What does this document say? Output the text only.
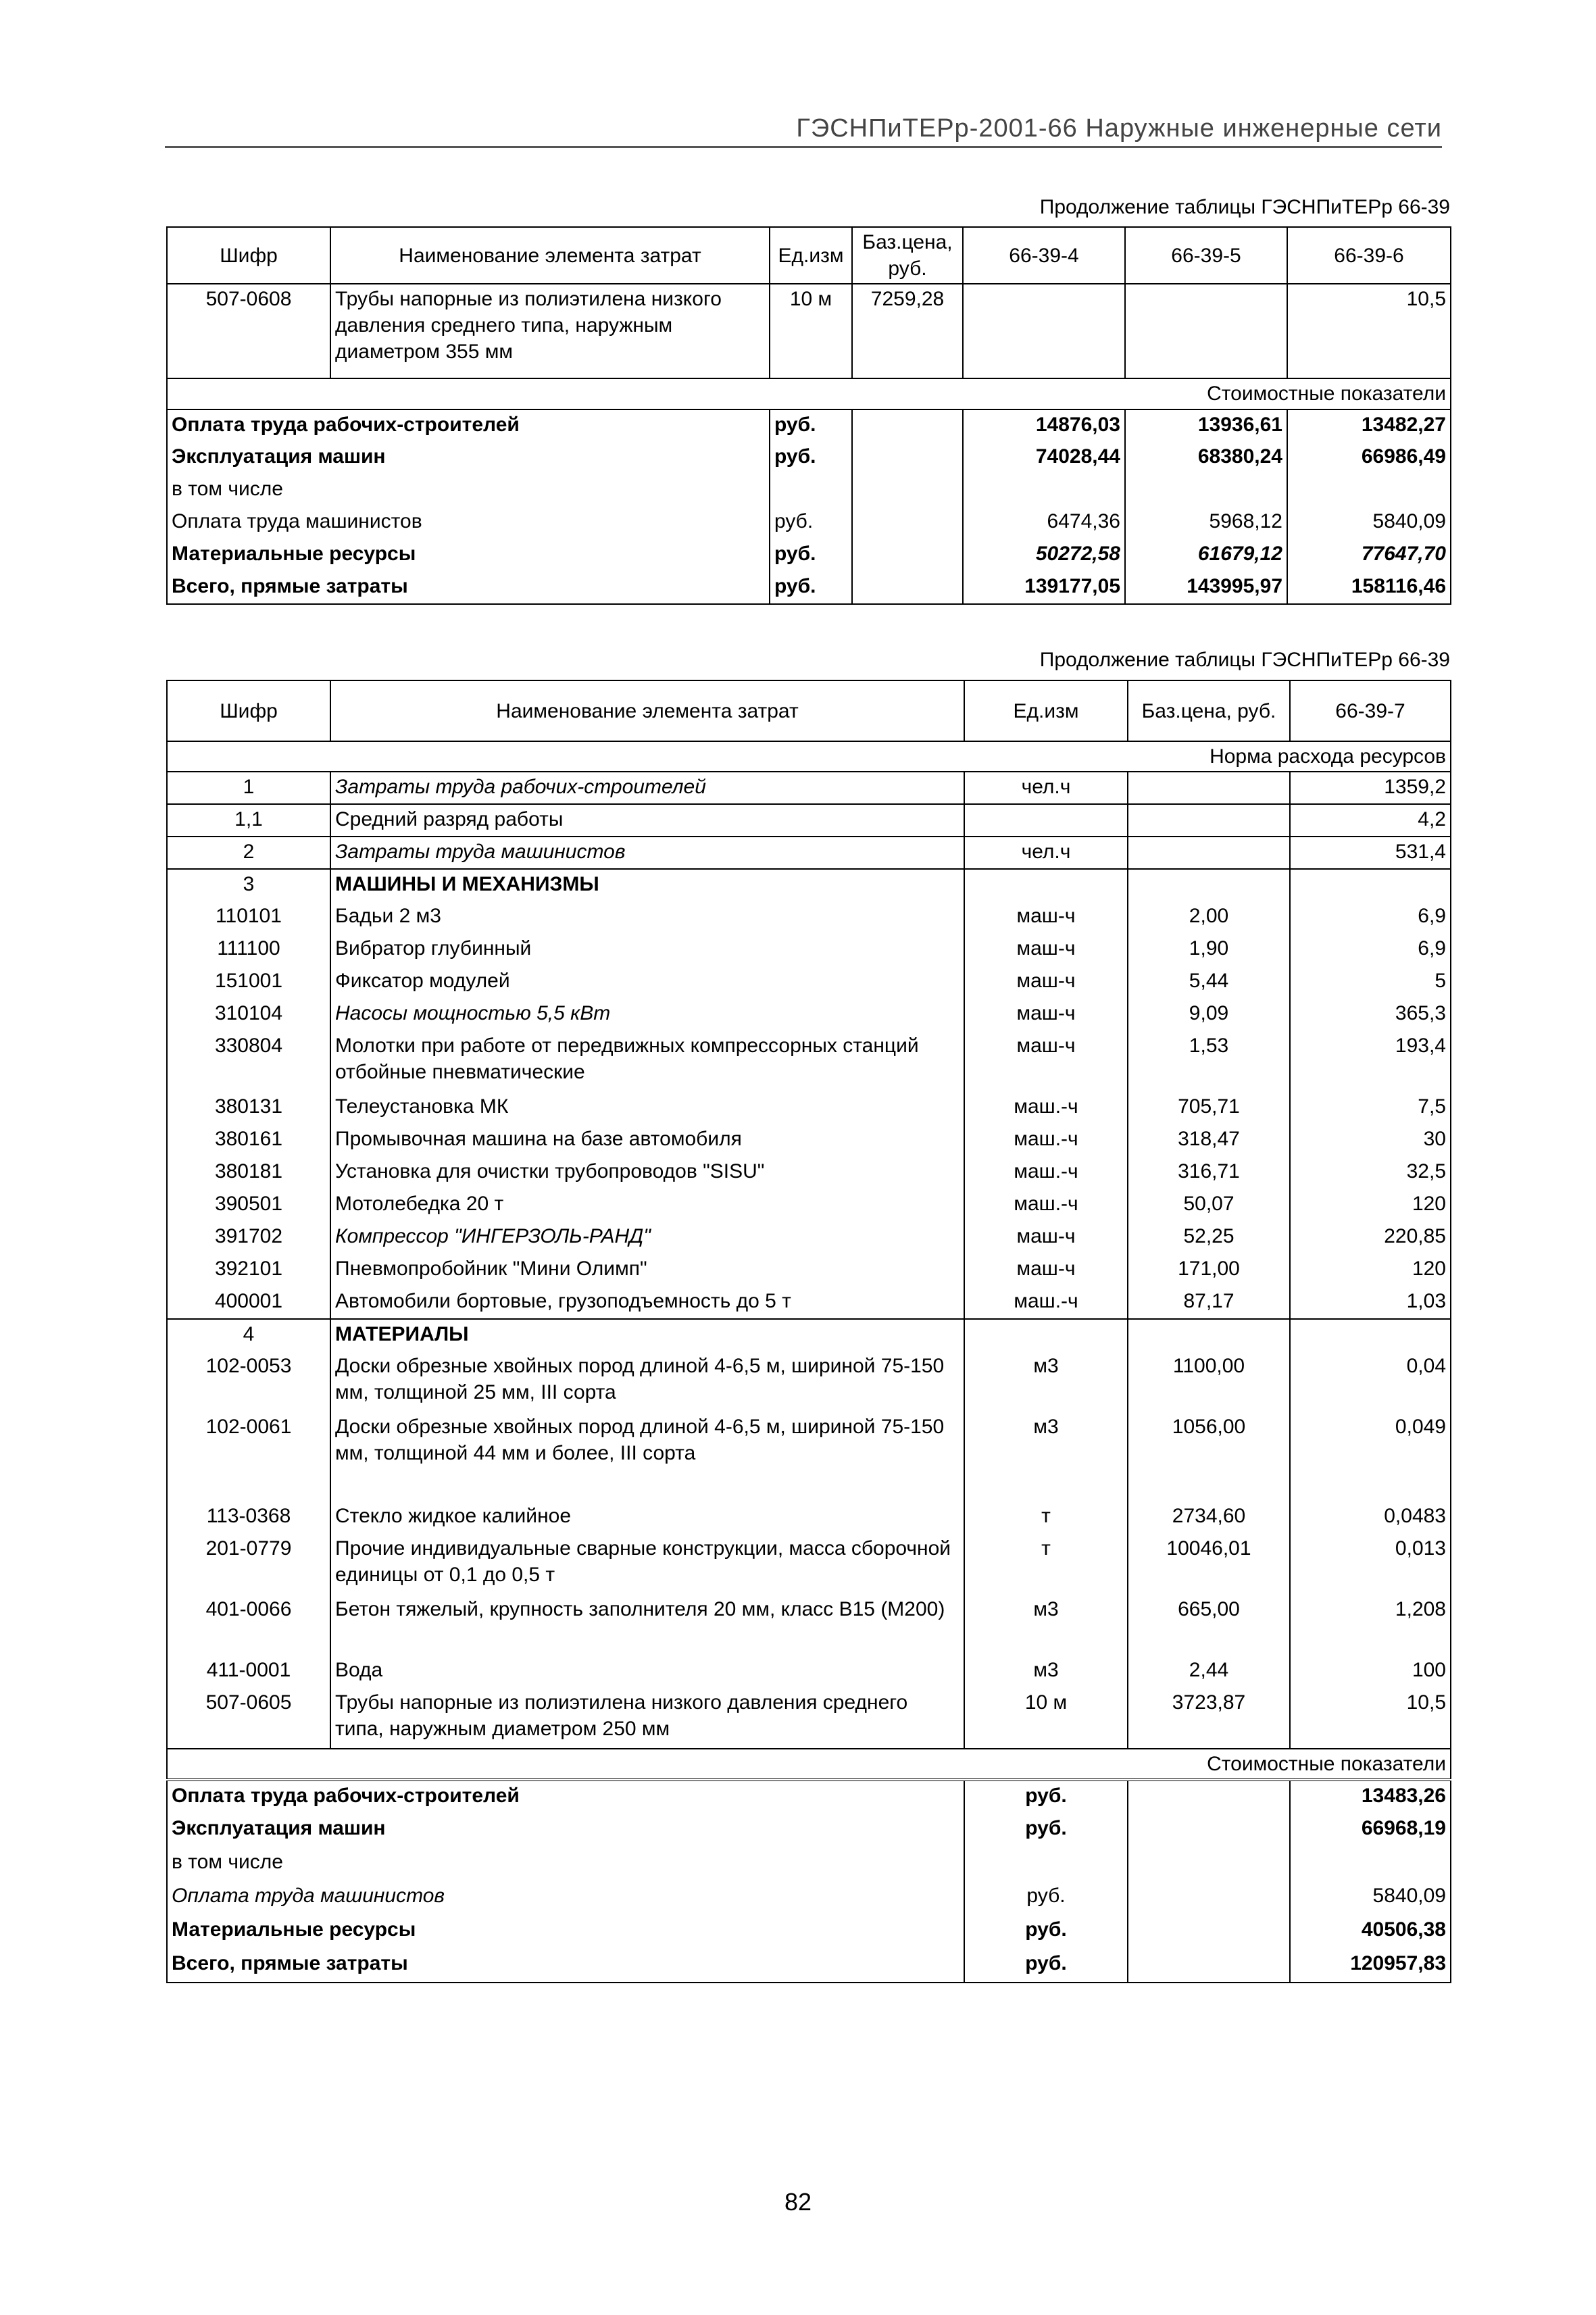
ГЭСНПиТЕРр-2001-66 Наружные инженерные сети
Продолжение таблицы ГЭСНПиТЕРр 66-39
Шифр	Наименование элемента затрат	Ед.изм	Баз.цена, руб.	66-39-4	66-39-5	66-39-6
507-0608	Трубы напорные из полиэтилена низкого давления среднего типа, наружным диаметром 355 мм	10 м	7259,28			10,5
Стоимостные показатели						
Оплата труда рабочих-строителей		руб.		14876,03	13936,61	13482,27
Эксплуатация машин		руб.		74028,44	68380,24	66986,49
в том числе						
Оплата труда машинистов		руб.		6474,36	5968,12	5840,09
Материальные ресурсы		руб.		50272,58	61679,12	77647,70
Всего, прямые затраты		руб.		139177,05	143995,97	158116,46
Продолжение таблицы ГЭСНПиТЕРр 66-39
Шифр	Наименование элемента затрат	Ед.изм	Баз.цена, руб.	66-39-7
Норма расхода ресурсов				
1	Затраты труда рабочих-строителей	чел.ч		1359,2
1,1	Средний разряд работы			4,2
2	Затраты труда машинистов	чел.ч		531,4
3	МАШИНЫ И МЕХАНИЗМЫ			
110101	Бадьи 2 м3	маш-ч	2,00	6,9
111100	Вибратор глубинный	маш-ч	1,90	6,9
151001	Фиксатор модулей	маш-ч	5,44	5
310104	Насосы мощностью 5,5 кВт	маш-ч	9,09	365,3
330804	Молотки при работе от передвижных компрессорных станций отбойные пневматические	маш-ч	1,53	193,4
380131	Телеустановка МК	маш.-ч	705,71	7,5
380161	Промывочная машина на базе автомобиля	маш.-ч	318,47	30
380181	Установка для очистки трубопроводов "SISU"	маш.-ч	316,71	32,5
390501	Мотолебедка 20 т	маш.-ч	50,07	120
391702	Компрессор "ИНГЕРЗОЛЬ-РАНД"	маш-ч	52,25	220,85
392101	Пневмопробойник "Мини Олимп"	маш-ч	171,00	120
400001	Автомобили бортовые, грузоподъемность до 5 т	маш.-ч	87,17	1,03
4	МАТЕРИАЛЫ			
102-0053	Доски обрезные хвойных пород длиной 4-6,5 м, шириной 75-150 мм, толщиной 25 мм, III сорта	м3	1100,00	0,04
102-0061	Доски обрезные хвойных пород длиной 4-6,5 м, шириной 75-150 мм, толщиной 44 мм и более, III сорта	м3	1056,00	0,049
113-0368	Стекло жидкое калийное	т	2734,60	0,0483
201-0779	Прочие индивидуальные сварные конструкции, масса сборочной единицы от 0,1 до 0,5 т	т	10046,01	0,013
401-0066	Бетон тяжелый, крупность заполнителя 20 мм, класс В15 (М200)	м3	665,00	1,208
411-0001	Вода	м3	2,44	100
507-0605	Трубы напорные из полиэтилена низкого давления среднего типа, наружным диаметром 250 мм	10 м	3723,87	10,5
Стоимостные показатели				
Оплата труда рабочих-строителей		руб.		13483,26
Эксплуатация машин		руб.		66968,19
в том числе				
Оплата труда машинистов		руб.		5840,09
Материальные ресурсы		руб.		40506,38
Всего, прямые затраты		руб.		120957,83
82
